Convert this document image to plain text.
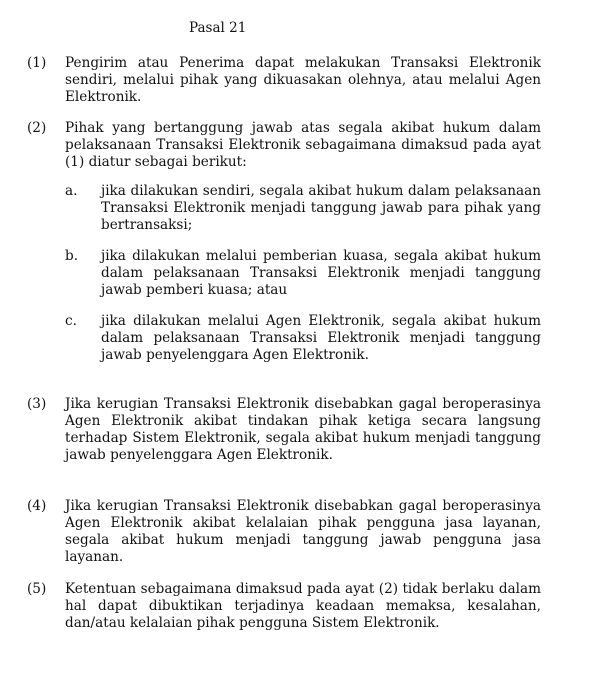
Pasal 21
(1)	Pengirim atau Penerima dapat melakukan Transaksi Elektronik sendiri, melalui pihak yang dikuasakan olehnya, atau melalui Agen Elektronik.
(2)	Pihak yang bertanggung jawab atas segala akibat hukum dalam pelaksanaan Transaksi Elektronik sebagaimana dimaksud pada ayat (1) diatur sebagai berikut:
a.	jika dilakukan sendiri, segala akibat hukum dalam pelaksanaan Transaksi Elektronik menjadi tanggung jawab para pihak yang bertransaksi;
b.	jika dilakukan melalui pemberian kuasa, segala akibat hukum dalam pelaksanaan Transaksi Elektronik menjadi tanggung jawab pemberi kuasa; atau
c.	jika dilakukan melalui Agen Elektronik, segala akibat hukum dalam pelaksanaan Transaksi Elektronik menjadi tanggung jawab penyelenggara Agen Elektronik.
(3)	Jika kerugian Transaksi Elektronik disebabkan gagal beroperasinya Agen Elektronik akibat tindakan pihak ketiga secara langsung terhadap Sistem Elektronik, segala akibat hukum menjadi tanggung jawab penyelenggara Agen Elektronik.
(4)	Jika kerugian Transaksi Elektronik disebabkan gagal beroperasinya Agen Elektronik akibat kelalaian pihak pengguna jasa layanan, segala akibat hukum menjadi tanggung jawab pengguna jasa layanan.
(5)	Ketentuan sebagaimana dimaksud pada ayat (2) tidak berlaku dalam hal dapat dibuktikan terjadinya keadaan memaksa, kesalahan, dan/atau kelalaian pihak pengguna Sistem Elektronik.
